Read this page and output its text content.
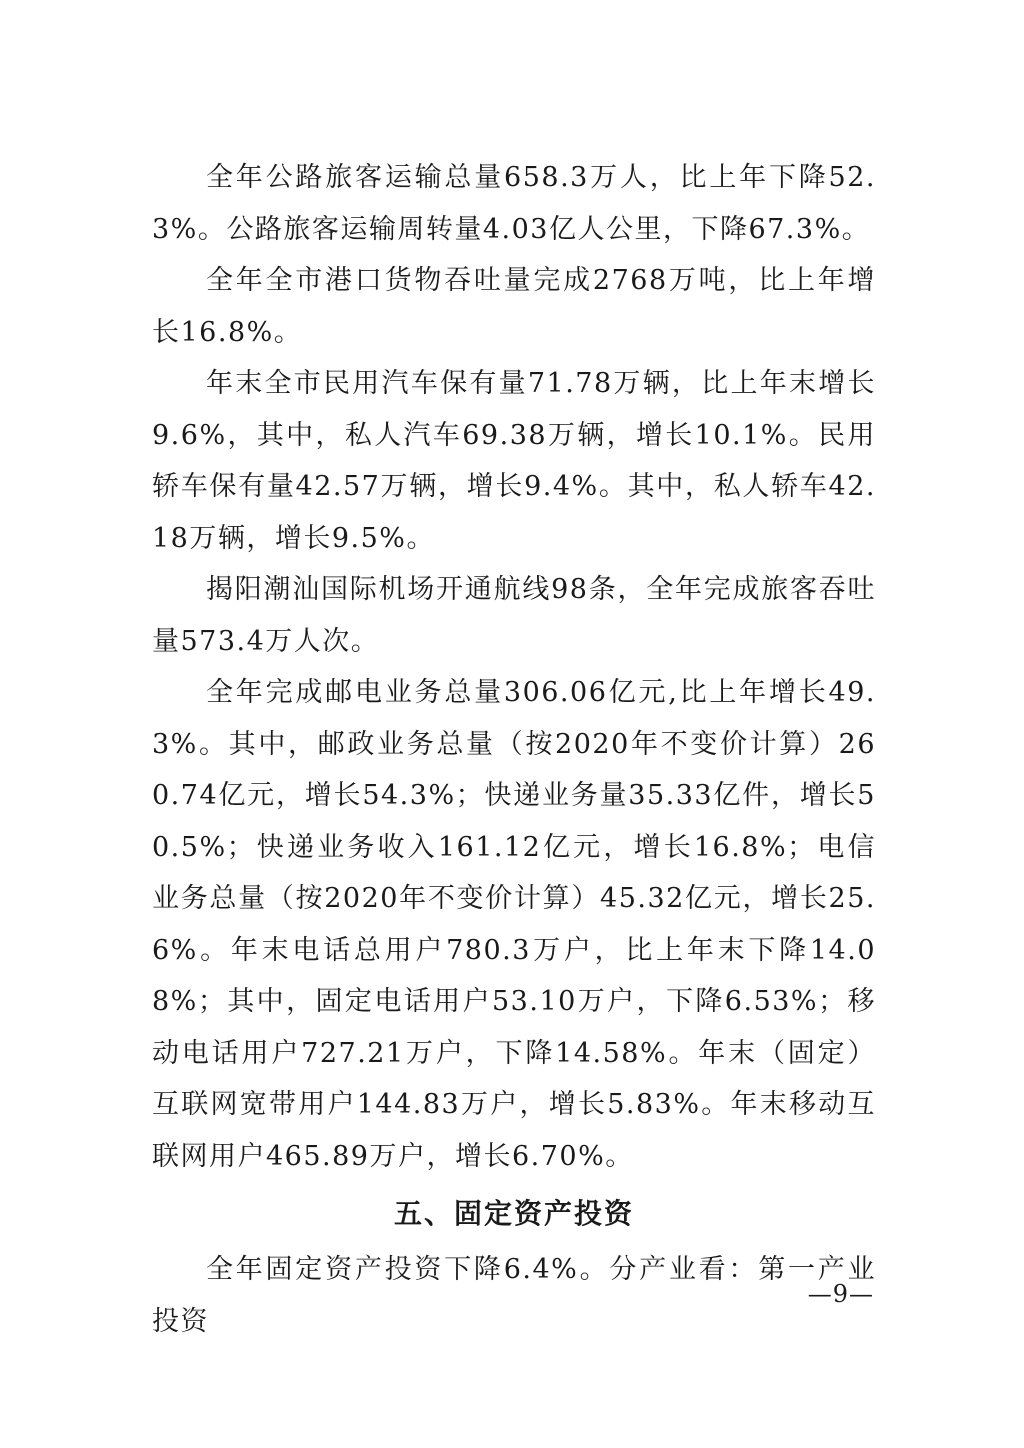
全年公路旅客运输总量658.3万人，比上年下降52.3%。公路旅客运输周转量4.03亿人公里，下降67.3%。

全年全市港口货物吞吐量完成2768万吨，比上年增长16.8%。

年末全市民用汽车保有量71.78万辆，比上年末增长9.6%，其中，私人汽车69.38万辆，增长10.1%。民用轿车保有量42.57万辆，增长9.4%。其中，私人轿车42.18万辆，增长9.5%。

揭阳潮汕国际机场开通航线98条，全年完成旅客吞吐量573.4万人次。

全年完成邮电业务总量306.06亿元,比上年增长49.3%。其中，邮政业务总量（按2020年不变价计算）260.74亿元，增长54.3%；快递业务量35.33亿件，增长50.5%；快递业务收入161.12亿元，增长16.8%；电信业务总量（按2020年不变价计算）45.32亿元，增长25.6%。年末电话总用户780.3万户，比上年末下降14.08%；其中，固定电话用户53.10万户，下降6.53%；移动电话用户727.21万户，下降14.58%。年末（固定）互联网宽带用户144.83万户，增长5.83%。年末移动互联网用户465.89万户，增长6.70%。

五、固定资产投资

全年固定资产投资下降6.4%。分产业看：第一产业投资

—9—
